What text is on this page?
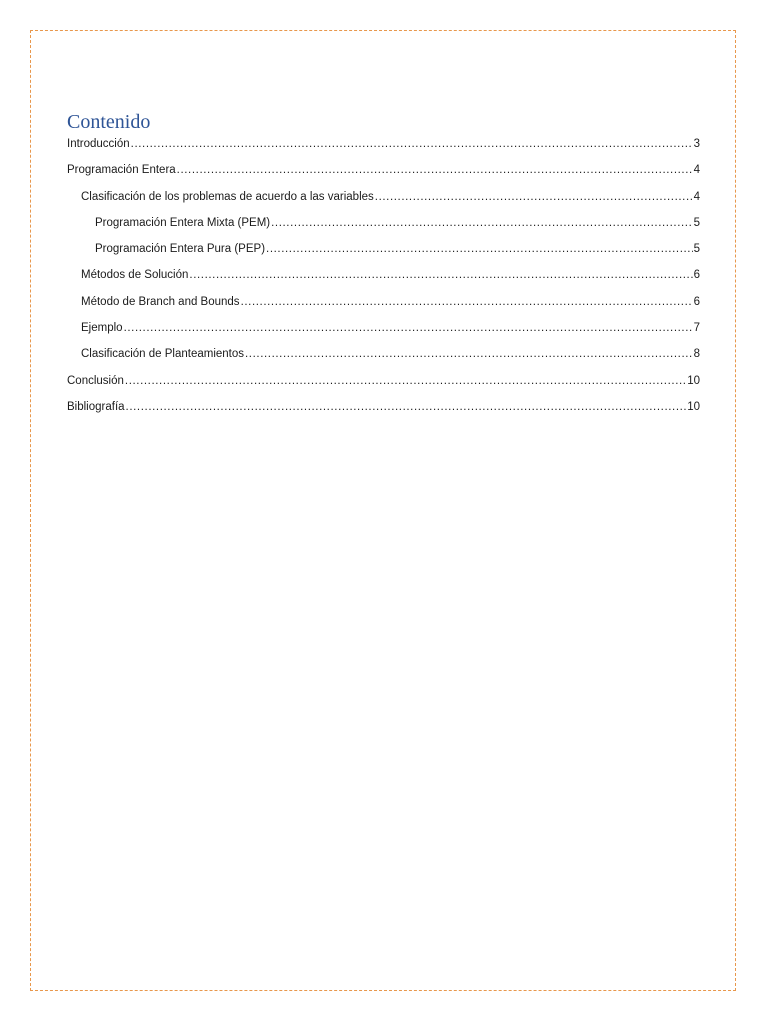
Contenido
Introducción .....	3
Programación Entera .....	4
Clasificación de los problemas de acuerdo a las variables .....	4
Programación Entera Mixta (PEM) .....	5
Programación Entera Pura (PEP) .....	5
Métodos de Solución .....	6
Método de Branch and Bounds .....	6
Ejemplo .....	7
Clasificación de Planteamientos .....	8
Conclusión .....	10
Bibliografía .....	10
